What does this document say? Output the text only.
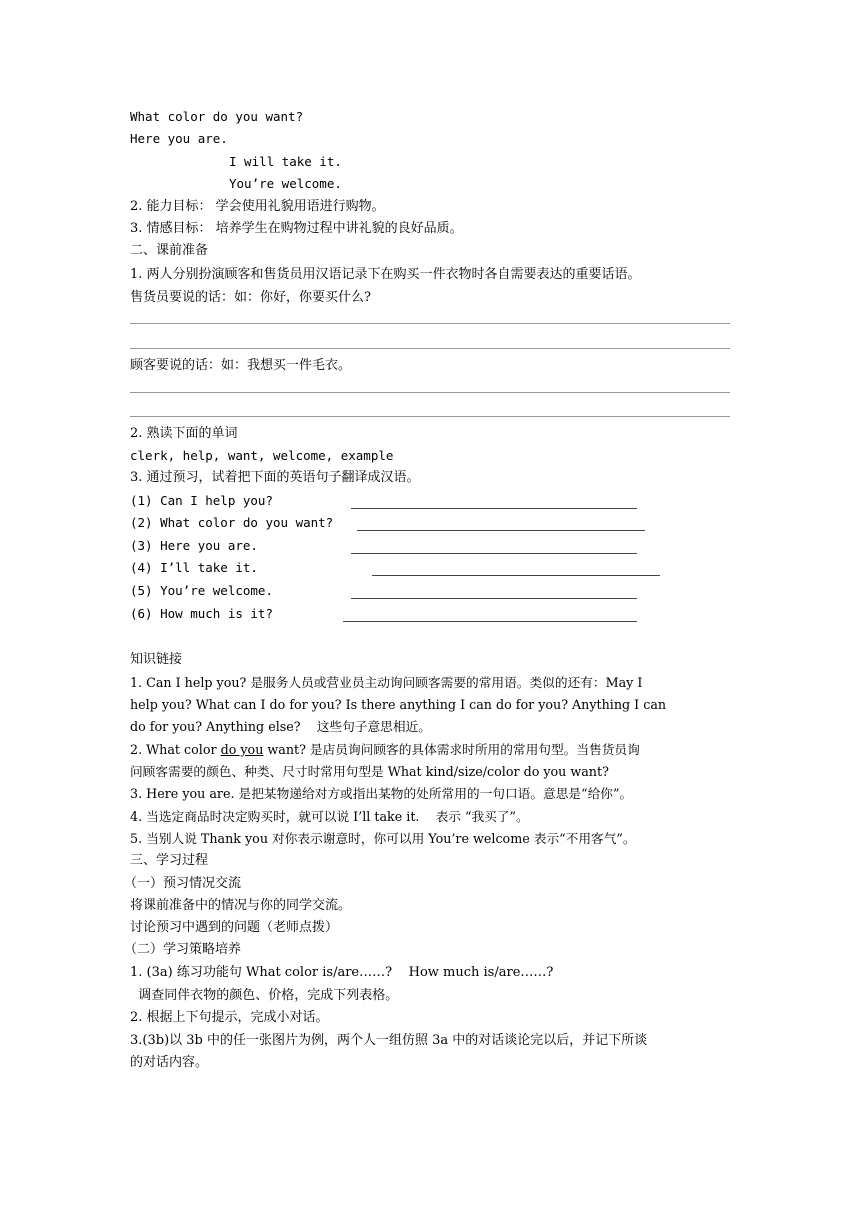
What color do you want?
Here you are.
I will take it.
You’re welcome.
2. 能力目标： 学会使用礼貌用语进行购物。
3. 情感目标： 培养学生在购物过程中讲礼貌的良好品质。
二、课前准备
1. 两人分别扮演顾客和售货员用汉语记录下在购买一件衣物时各自需要表达的重要话语。
售货员要说的话：如：你好，你要买什么?
顾客要说的话：如：我想买一件毛衣。
2. 熟读下面的单词
clerk, help, want, welcome, example
3. 通过预习，试着把下面的英语句子翻译成汉语。
(1) Can I help you?
(2) What color do you want?
(3) Here you are.
(4) I’ll take it.
(5) You’re welcome.
(6) How much is it?
知识链接
1. Can I help you? 是服务人员或营业员主动询问顾客需要的常用语。类似的还有：May I
help you? What can I do for you? Is there anything I can do for you? Anything I can
do for you? Anything else?    这些句子意思相近。
2. What color do you want? 是店员询问顾客的具体需求时所用的常用句型。当售货员询
问顾客需要的颜色、种类、尺寸时常用句型是 What kind/size/color do you want?
3. Here you are. 是把某物递给对方或指出某物的处所常用的一句口语。意思是“给你”。
4. 当选定商品时决定购买时，就可以说 I’ll take it.    表示 “我买了”。
5. 当别人说 Thank you 对你表示谢意时，你可以用 You’re welcome 表示“不用客气”。
三、学习过程
（一）预习情况交流
将课前准备中的情况与你的同学交流。
讨论预习中遇到的问题（老师点拨）
（二）学习策略培养
1. (3a) 练习功能句 What color is/are……?    How much is/are……?
调查同伴衣物的颜色、价格，完成下列表格。
2. 根据上下句提示，完成小对话。
3.(3b)以 3b 中的任一张图片为例，两个人一组仿照 3a 中的对话谈论完以后，并记下所谈
的对话内容。
